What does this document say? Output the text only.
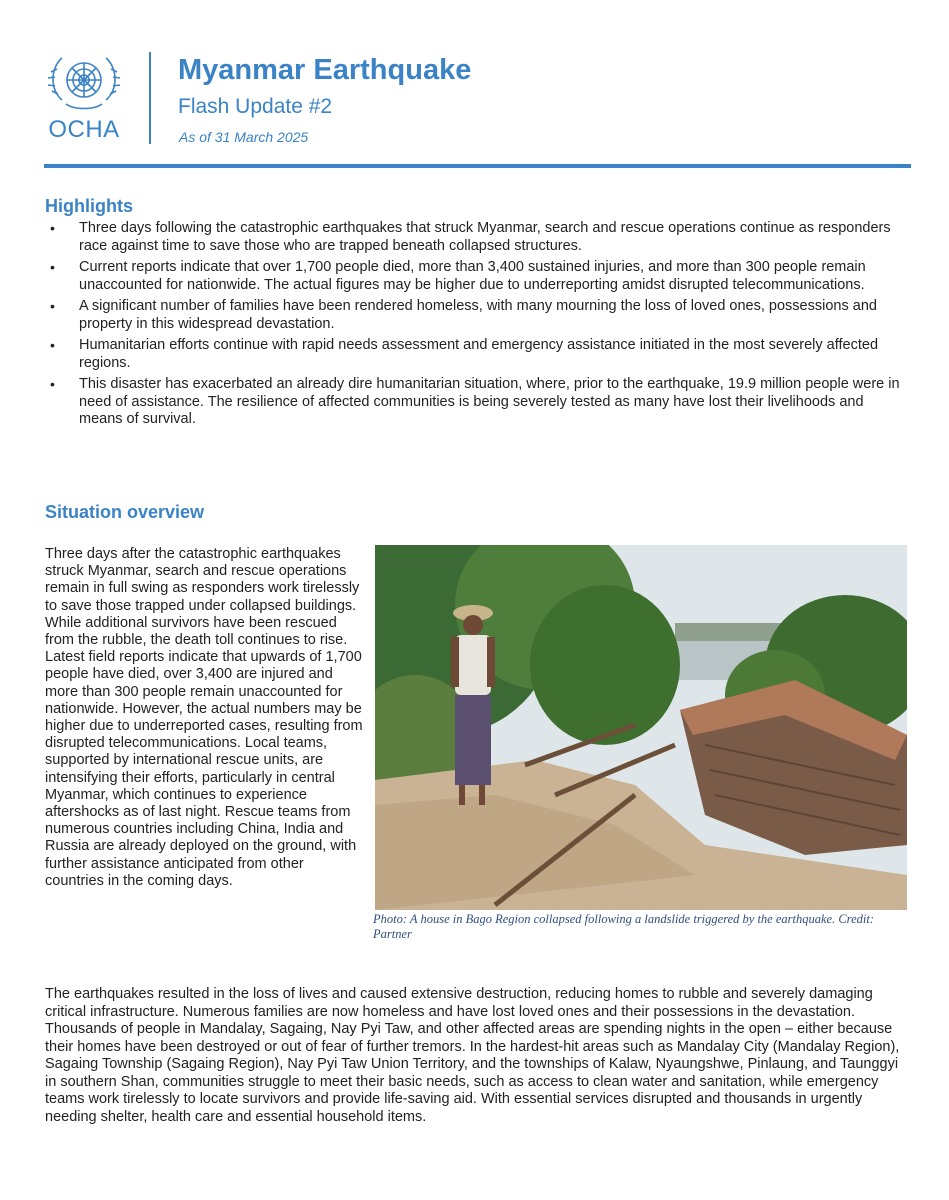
OCHA
Myanmar Earthquake
Flash Update #2
As of 31 March 2025
Highlights
• Three days following the catastrophic earthquakes that struck Myanmar, search and rescue operations continue as responders race against time to save those who are trapped beneath collapsed structures.
• Current reports indicate that over 1,700 people died, more than 3,400 sustained injuries, and more than 300 people remain unaccounted for nationwide. The actual figures may be higher due to underreporting amidst disrupted telecommunications.
• A significant number of families have been rendered homeless, with many mourning the loss of loved ones, possessions and property in this widespread devastation.
• Humanitarian efforts continue with rapid needs assessment and emergency assistance initiated in the most severely affected regions.
• This disaster has exacerbated an already dire humanitarian situation, where, prior to the earthquake, 19.9 million people were in need of assistance. The resilience of affected communities is being severely tested as many have lost their livelihoods and means of survival.
Situation overview

Three days after the catastrophic earthquakes struck Myanmar, search and rescue operations remain in full swing as responders work tirelessly to save those trapped under collapsed buildings. While additional survivors have been rescued from the rubble, the death toll continues to rise. Latest field reports indicate that upwards of 1,700 people have died, over 3,400 are injured and more than 300 people remain unaccounted for nationwide. However, the actual numbers may be higher due to underreported cases, resulting from disrupted telecommunications. Local teams, supported by international rescue units, are intensifying their efforts, particularly in central Myanmar, which continues to experience aftershocks as of last night. Rescue teams from numerous countries including China, India and Russia are already deployed on the ground, with further assistance anticipated from other countries in the coming days.

Photo: A house in Bago Region collapsed following a landslide triggered by the earthquake. Credit: Partner

The earthquakes resulted in the loss of lives and caused extensive destruction, reducing homes to rubble and severely damaging critical infrastructure. Numerous families are now homeless and have lost loved ones and their possessions in the devastation. Thousands of people in Mandalay, Sagaing, Nay Pyi Taw, and other affected areas are spending nights in the open – either because their homes have been destroyed or out of fear of further tremors. In the hardest-hit areas such as Mandalay City (Mandalay Region), Sagaing Township (Sagaing Region), Nay Pyi Taw Union Territory, and the townships of Kalaw, Nyaungshwe, Pinlaung, and Taunggyi in southern Shan, communities struggle to meet their basic needs, such as access to clean water and sanitation, while emergency teams work tirelessly to locate survivors and provide life-saving aid. With essential services disrupted and thousands in urgently needing shelter, health care and essential household items.
